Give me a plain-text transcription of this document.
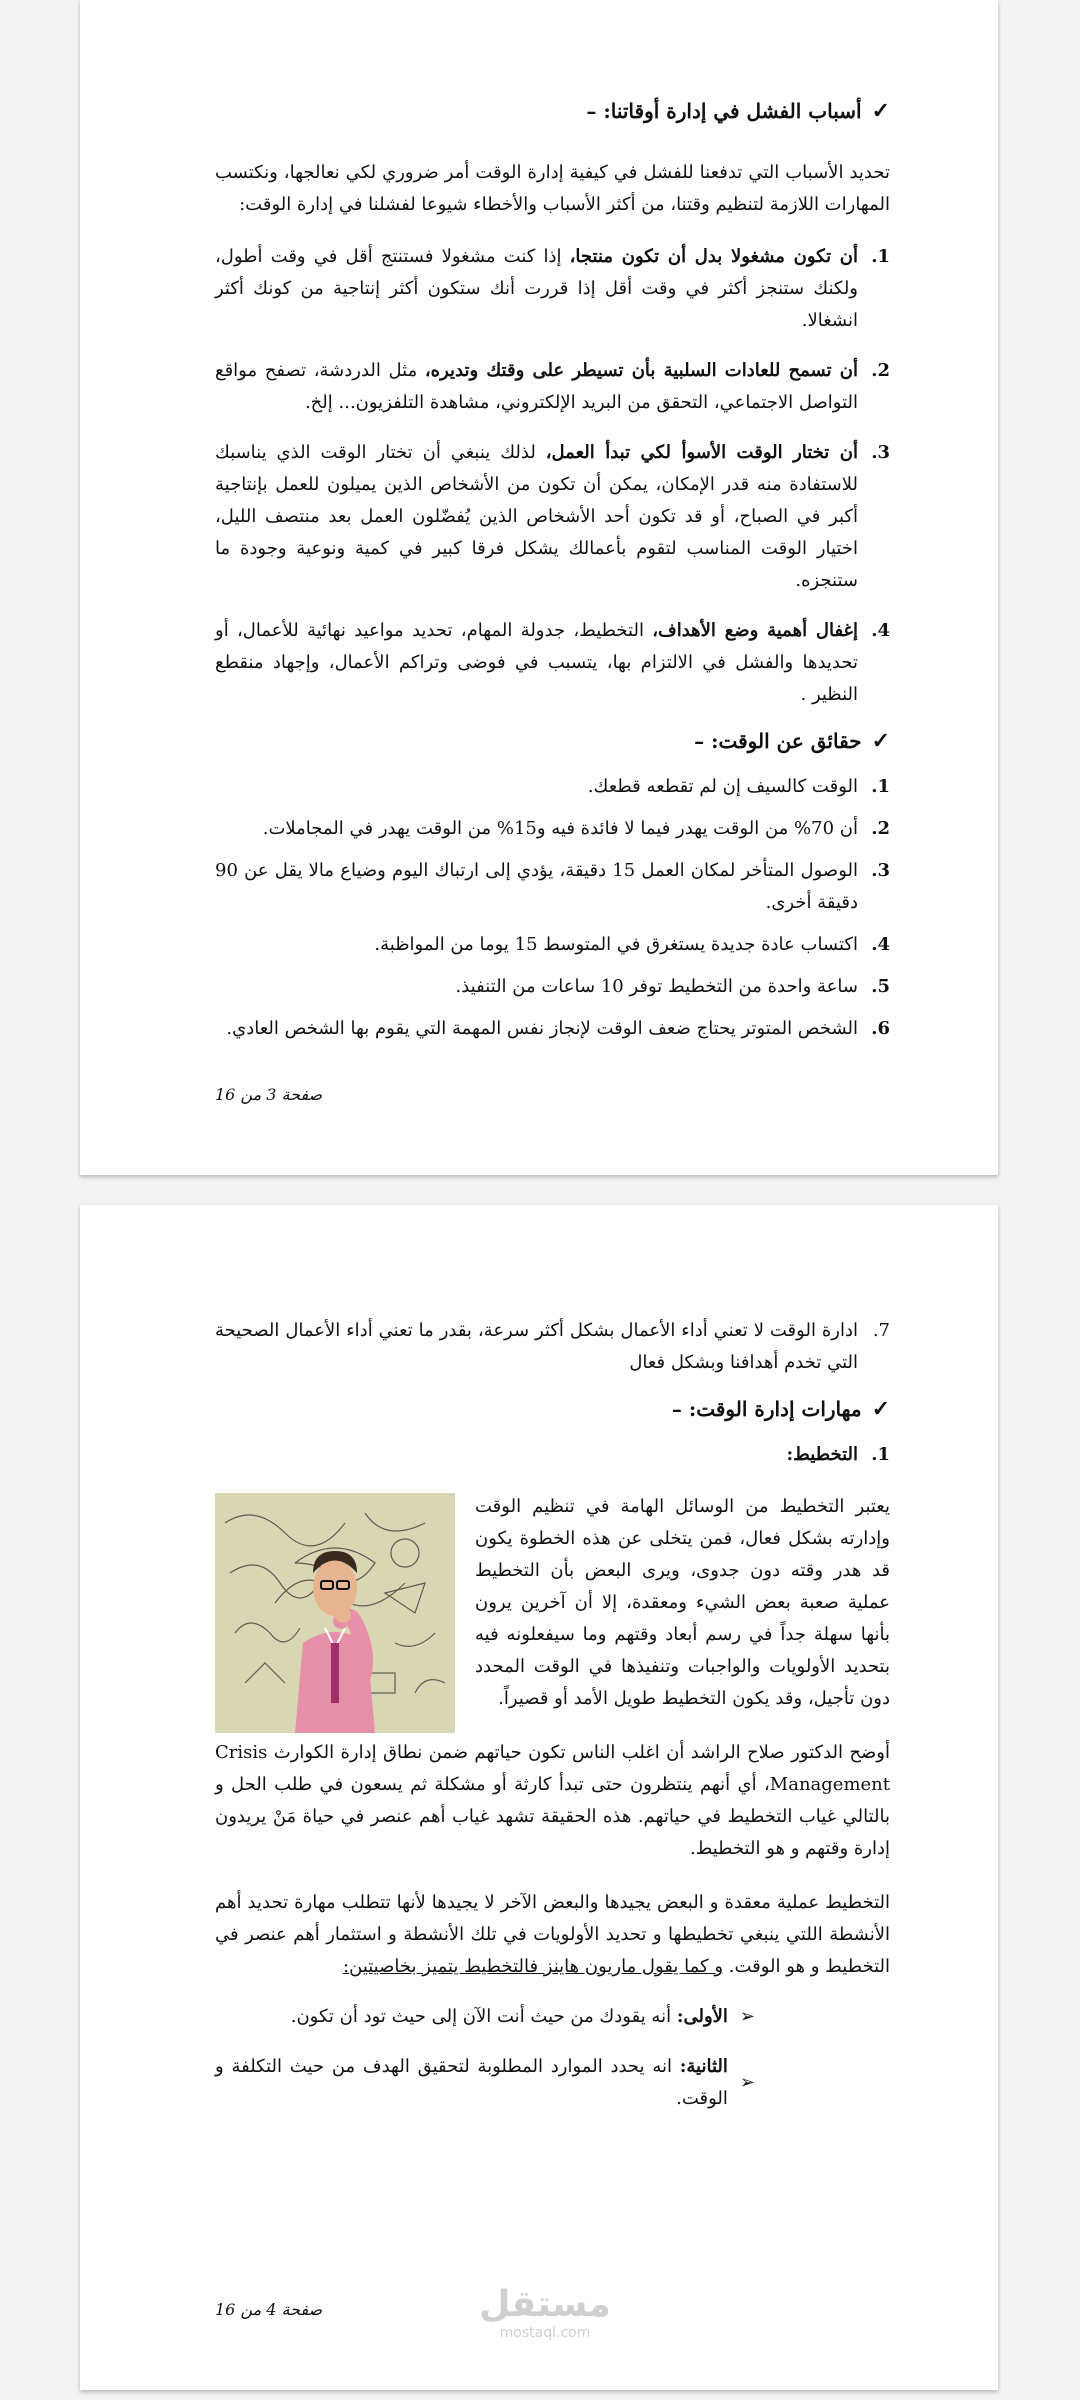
✓
أسباب الفشل في إدارة أوقاتنا: –

تحديد الأسباب التي تدفعنا للفشل في كيفية إدارة الوقت أمر ضروري لكي نعالجها، ونكتسب المهارات اللازمة لتنظيم وقتنا، من أكثر الأسباب والأخطاء شيوعا لفشلنا في إدارة الوقت:

1.
أن تكون مشغولا بدل أن تكون منتجا، إذا كنت مشغولا فستنتج أقل في وقت أطول، ولكنك ستنجز أكثر في وقت أقل إذا قررت أنك ستكون أكثر إنتاجية من كونك أكثر انشغالا.
2.
أن تسمح للعادات السلبية بأن تسيطر على وقتك وتديره، مثل الدردشة، تصفح مواقع التواصل الاجتماعي، التحقق من البريد الإلكتروني، مشاهدة التلفزيون... إلخ.
3.
أن تختار الوقت الأسوأ لكي تبدأ العمل، لذلك ينبغي أن تختار الوقت الذي يناسبك للاستفادة منه قدر الإمكان، يمكن أن تكون من الأشخاص الذين يميلون للعمل بإنتاجية أكبر في الصباح، أو قد تكون أحد الأشخاص الذين يُفضّلون العمل بعد منتصف الليل، اختيار الوقت المناسب لتقوم بأعمالك يشكل فرقا كبير في كمية ونوعية وجودة ما ستنجزه.
4.
إغفال أهمية وضع الأهداف، التخطيط، جدولة المهام، تحديد مواعيد نهائية للأعمال، أو تحديدها والفشل في الالتزام بها، يتسبب في فوضى وتراكم الأعمال، وإجهاد منقطع النظير .
✓
حقائق عن الوقت: –
1.
الوقت كالسيف إن لم تقطعه قطعك.
2.
أن 70% من الوقت يهدر فيما لا فائدة فيه و15% من الوقت يهدر في المجاملات.
3.
الوصول المتأخر لمكان العمل 15 دقيقة، يؤدي إلى ارتباك اليوم وضياع مالا يقل عن 90 دقيقة أخرى.
4.
اكتساب عادة جديدة يستغرق في المتوسط 15 يوما من المواظبة.
5.
ساعة واحدة من التخطيط توفر 10 ساعات من التنفيذ.
6.
الشخص المتوتر يحتاج ضعف الوقت لإنجاز نفس المهمة التي يقوم بها الشخص العادي.
صفحة 3 من 16
7.
ادارة الوقت لا تعني أداء الأعمال بشكل أكثر سرعة، بقدر ما تعني أداء الأعمال الصحيحة التي تخدم أهدافنا وبشكل فعال
✓
مهارات إدارة الوقت: –
1.
التخطيط:

يعتبر التخطيط من الوسائل الهامة في تنظيم الوقت وإدارته بشكل فعال، فمن يتخلى عن هذه الخطوة يكون قد هدر وقته دون جدوى، ويرى البعض بأن التخطيط عملية صعبة بعض الشيء ومعقدة، إلا أن آخرين يرون بأنها سهلة جداً في رسم أبعاد وقتهم وما سيفعلونه فيه بتحديد الأولويات والواجبات وتنفيذها في الوقت المحدد دون تأجيل، وقد يكون التخطيط طويل الأمد أو قصيراً.

أوضح الدكتور صلاح الراشد أن اغلب الناس تكون حياتهم ضمن نطاق إدارة الكوارث Crisis Management، أي أنهم ينتظرون حتى تبدأ كارثة أو مشكلة ثم يسعون في طلب الحل و بالتالي غياب التخطيط في حياتهم. هذه الحقيقة تشهد غياب أهم عنصر في حياة مَنْ يريدون إدارة وقتهم و هو التخطيط.

التخطيط عملية معقدة و البعض يجيدها والبعض الآخر لا يجيدها لأنها تتطلب مهارة تحديد أهم الأنشطة اللتي ينبغي تخطيطها و تحديد الأولويات في تلك الأنشطة و استثمار أهم عنصر في التخطيط و هو الوقت. و كما يقول ماريون هاينز فالتخطيط يتميز بخاصيتين:

➢
الأولى: أنه يقودك من حيث أنت الآن إلى حيث تود أن تكون.
➢
الثانية: انه يحدد الموارد المطلوبة لتحقيق الهدف من حيث التكلفة و الوقت.
صفحة 4 من 16	مستقل
mostaql.com
